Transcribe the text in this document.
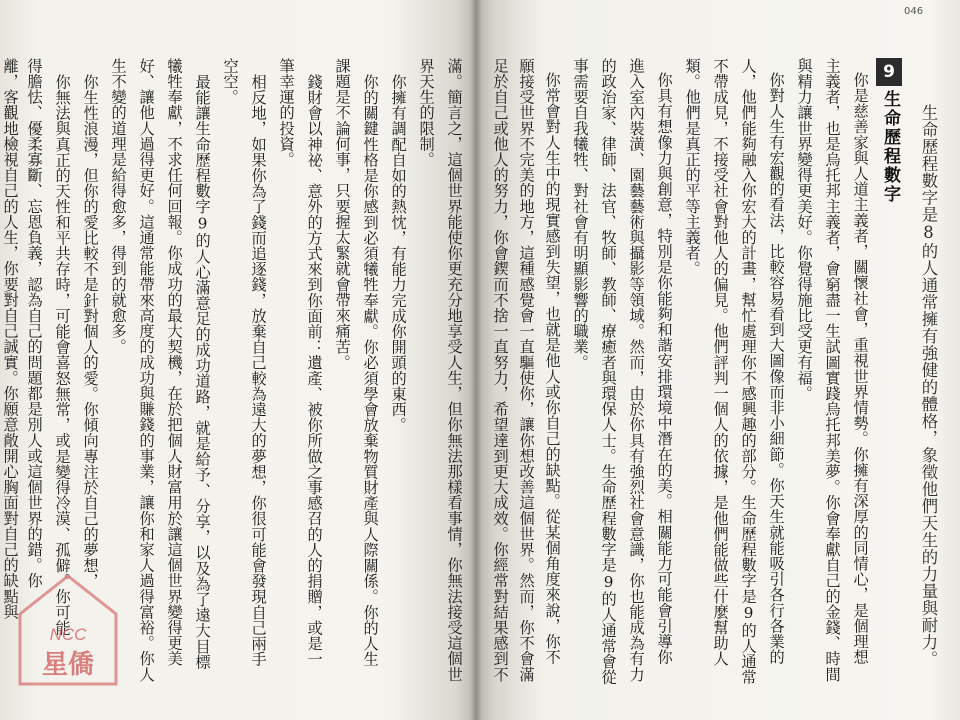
滿。簡言之，這個世界能使你更充分地享受人生，但你無法那樣看事情，你無法接受這個世
界天生的限制。
你擁有調配自如的熱忱，有能力完成你開頭的東西。
你的關鍵性格是你感到必須犧牲奉獻。你必須學會放棄物質財產與人際關係。你的人生
課題是不論何事，只要握太緊就會帶來痛苦。
錢財會以神祕、意外的方式來到你面前：遺產、被你所做之事感召的人的捐贈，或是一
筆幸運的投資。
相反地，如果你為了錢而追逐錢，放棄自己較為遠大的夢想，你很可能會發現自己兩手
空空。
最能讓生命歷程數字9的人心滿意足的成功道路，就是給予、分享，以及為了遠大目標
犧牲奉獻，不求任何回報。你成功的最大契機，在於把個人財富用於讓這個世界變得更美
好、讓他人過得更好。這通常能帶來高度的成功與賺錢的事業，讓你和家人過得富裕。你人
生不變的道理是給得愈多，得到的就愈多。
你生性浪漫，但你的愛比較不是針對個人的愛。你傾向專注於自己的夢想，
你無法與真正的天性和平共存時，可能會喜怒無常，或是變得冷漠、孤僻。你可能
得膽怯、優柔寡斷、忘恩負義，認為自己的問題都是別人或這個世界的錯。你
離，客觀地檢視自己的人生，你要對自己誠實。你願意敞開心胸面對自己的缺點與
NCC
星僑
046
生命歷程數字是8的人通常擁有強健的體格，象徵他們天生的力量與耐力。
9
生命歷程數字
你是慈善家與人道主義者，關懷社會，重視世界情勢。你擁有深厚的同情心，是個理想
主義者，也是烏托邦主義者，會窮盡一生試圖實踐烏托邦美夢。你會奉獻自己的金錢、時間
與精力讓世界變得更美好。你覺得施比受更有福。
你對人生有宏觀的看法，比較容易看到大圖像而非小細節。你天生就能吸引各行各業的
人，他們能夠融入你宏大的計畫，幫忙處理你不感興趣的部分。生命歷程數字是9的人通常
不帶成見，不接受社會對他人的偏見。他們評判一個人的依據，是他們能做些什麼幫助人
類。他們是真正的平等主義者。
你具有想像力與創意，特別是你能夠和諧安排環境中潛在的美。相關能力可能會引導你
進入室內裝潢、園藝藝術與攝影等領域。然而，由於你具有強烈社會意識，你也能成為有力
的政治家、律師、法官、牧師、教師、療癒者與環保人士。生命歷程數字是9的人通常會從
事需要自我犧牲、對社會有明顯影響的職業。
你常會對人生中的現實感到失望，也就是他人或你自己的缺點。從某個角度來說，你不
願接受世界不完美的地方，這種感覺會一直驅使你，讓你想改善這個世界。然而，你不會滿
足於自己或他人的努力，你會鍥而不捨一直努力，希望達到更大成效。你經常對結果感到不
